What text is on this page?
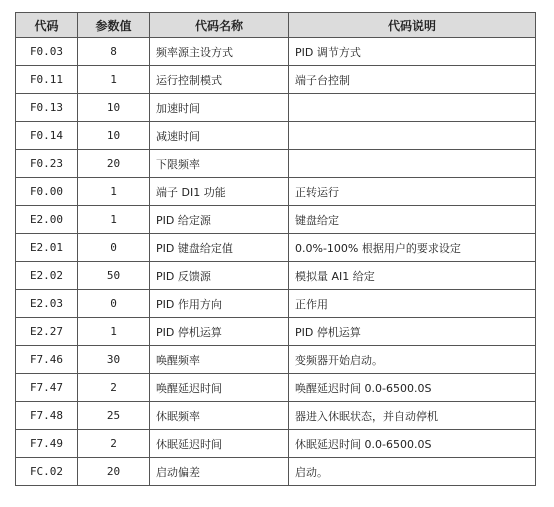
代码	参数值	代码名称	代码说明
F0.03	8	频率源主设方式	PID 调节方式
F0.11	1	运行控制模式	端子台控制
F0.13	10	加速时间	
F0.14	10	减速时间	
F0.23	20	下限频率	
F0.00	1	端子 DI1 功能	正转运行
E2.00	1	PID 给定源	键盘给定
E2.01	0	PID 键盘给定值	0.0%-100% 根据用户的要求设定
E2.02	50	PID 反馈源	模拟量 AI1 给定
E2.03	0	PID 作用方向	正作用
E2.27	1	PID 停机运算	PID 停机运算
F7.46	30	唤醒频率	变频器开始启动。
F7.47	2	唤醒延迟时间	唤醒延迟时间 0.0-6500.0S
F7.48	25	休眠频率	器进入休眠状态，并自动停机
F7.49	2	休眠延迟时间	休眠延迟时间 0.0-6500.0S
FC.02	20	启动偏差	启动。
